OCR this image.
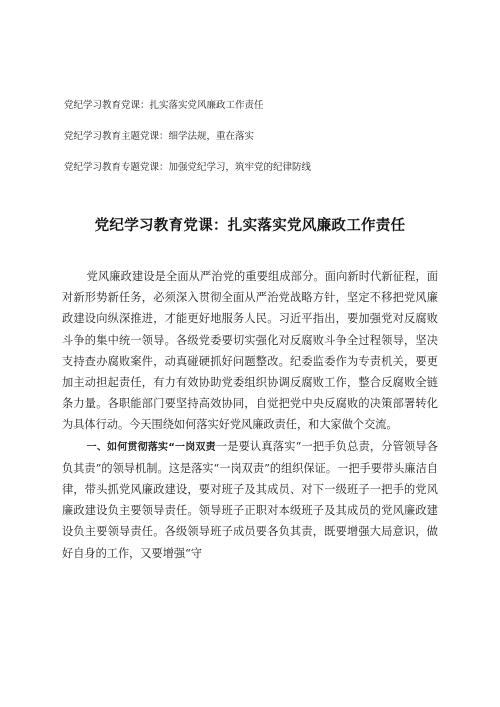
党纪学习教育党课：扎实落实党风廉政工作责任

党纪学习教育主题党课：细学法规，重在落实

党纪学习教育专题党课：加强党纪学习，筑牢党的纪律防线

党纪学习教育党课：扎实落实党风廉政工作责任

党风廉政建设是全面从严治党的重要组成部分。面向新时代新征程，面对新形势新任务，必须深入贯彻全面从严治党战略方针，坚定不移把党风廉政建设向纵深推进，才能更好地服务人民。习近平指出，要加强党对反腐败斗争的集中统一领导。各级党委要切实强化对反腐败斗争全过程领导，坚决支持查办腐败案件，动真碰硬抓好问题整改。纪委监委作为专责机关，要更加主动担起责任，有力有效协助党委组织协调反腐败工作，整合反腐败全链条力量。各职能部门要坚持高效协同，自觉把党中央反腐败的决策部署转化为具体行动。今天围绕如何落实好党风廉政责任，和大家做个交流。

一、如何贯彻落实“一岗双责一是要认真落实“一把手负总责，分管领导各负其责”的领导机制。这是落实“一岗双责”的组织保证。一把手要带头廉洁自律，带头抓党风廉政建设，要对班子及其成员、对下一级班子一把手的党风廉政建设负主要领导责任。领导班子正职对本级班子及其成员的党风廉政建设负主要领导责任。各级领导班子成员要各负其责，既要增强大局意识，做好自身的工作，又要增强“守
